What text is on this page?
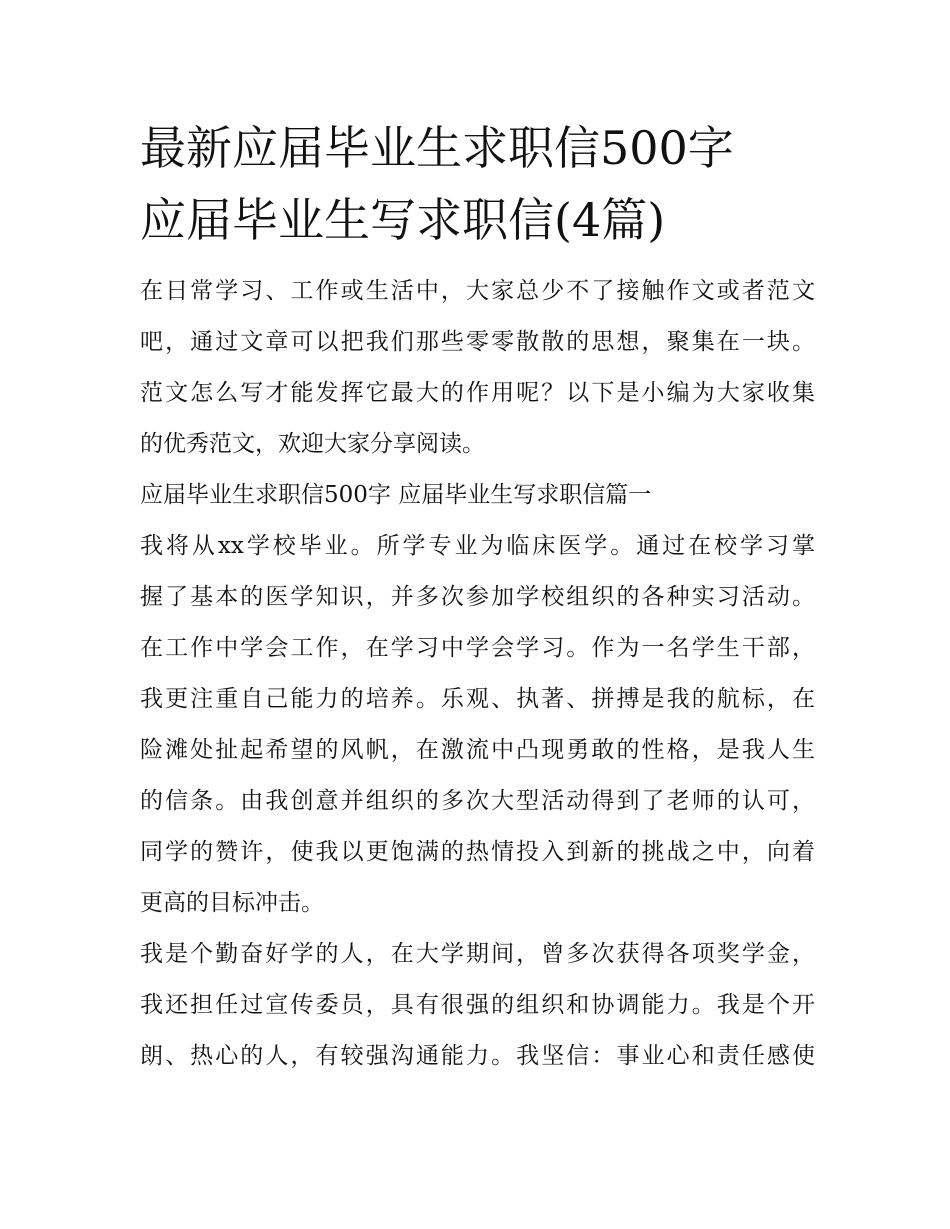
最新应届毕业生求职信500字
应届毕业生写求职信(4篇)

在日常学习、工作或生活中，大家总少不了接触作文或者范文
吧，通过文章可以把我们那些零零散散的思想，聚集在一块。
范文怎么写才能发挥它最大的作用呢？以下是小编为大家收集
的优秀范文，欢迎大家分享阅读。

应届毕业生求职信500字 应届毕业生写求职信篇一

我将从xx学校毕业。所学专业为临床医学。通过在校学习掌
握了基本的医学知识，并多次参加学校组织的各种实习活动。
在工作中学会工作，在学习中学会学习。作为一名学生干部，
我更注重自己能力的培养。乐观、执著、拼搏是我的航标，在
险滩处扯起希望的风帆，在激流中凸现勇敢的性格，是我人生
的信条。由我创意并组织的多次大型活动得到了老师的认可，
同学的赞许，使我以更饱满的热情投入到新的挑战之中，向着
更高的目标冲击。

我是个勤奋好学的人，在大学期间，曾多次获得各项奖学金，
我还担任过宣传委员，具有很强的组织和协调能力。我是个开
朗、热心的人，有较强沟通能力。我坚信：事业心和责任感使
